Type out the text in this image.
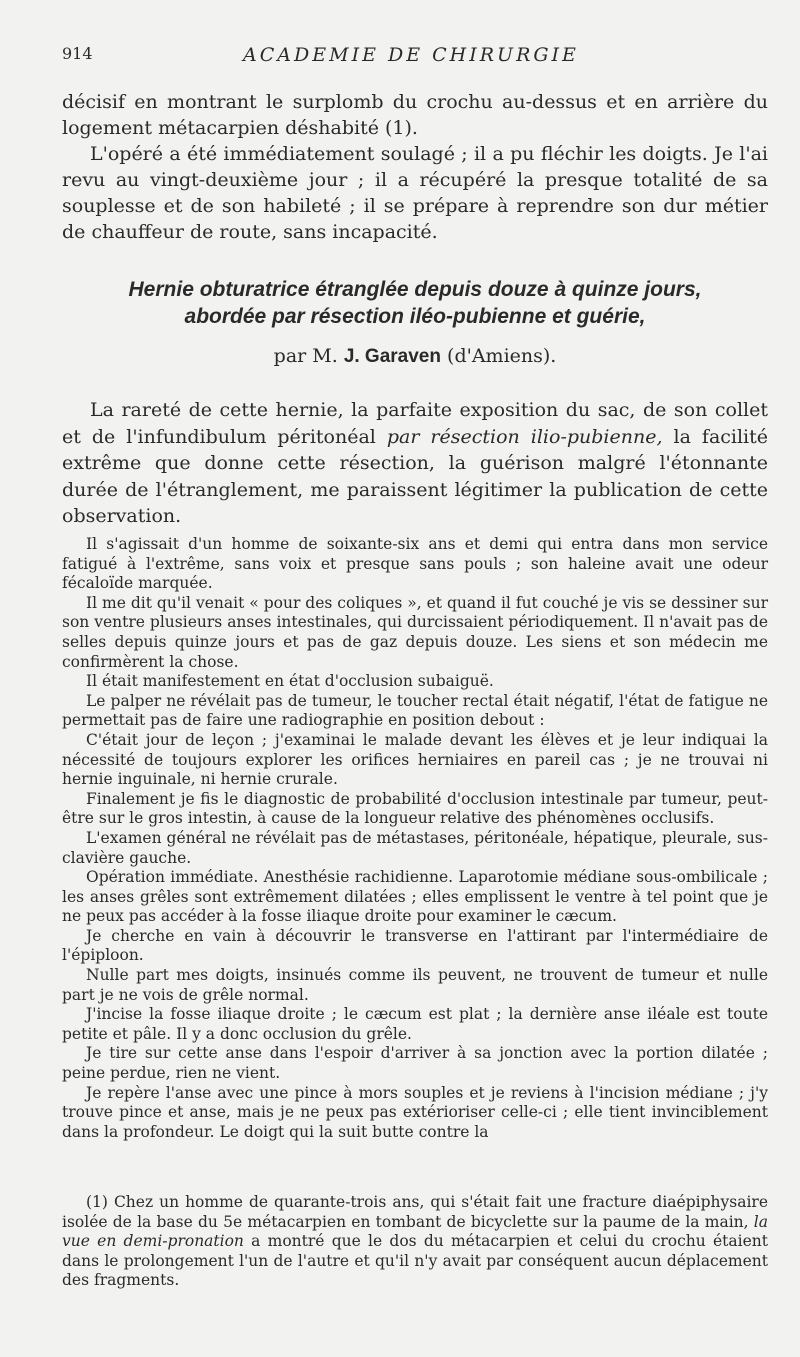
914	ACADEMIE DE CHIRURGIE

décisif en montrant le surplomb du crochu au-dessus et en arrière du logement métacarpien déshabité (1).

L'opéré a été immédiatement soulagé ; il a pu fléchir les doigts. Je l'ai revu au vingt-deuxième jour ; il a récupéré la presque totalité de sa souplesse et de son habileté ; il se prépare à reprendre son dur métier de chauffeur de route, sans incapacité.

Hernie obturatrice étranglée depuis douze à quinze jours,
abordée par résection iléo-pubienne et guérie,
par M. J. Garaven (d'Amiens).

La rareté de cette hernie, la parfaite exposition du sac, de son collet et de l'infundibulum péritonéal par résection ilio-pubienne, la facilité extrême que donne cette résection, la guérison malgré l'étonnante durée de l'étranglement, me paraissent légitimer la publication de cette observation.

Il s'agissait d'un homme de soixante-six ans et demi qui entra dans mon service fatigué à l'extrême, sans voix et presque sans pouls ; son haleine avait une odeur fécaloïde marquée.

Il me dit qu'il venait « pour des coliques », et quand il fut couché je vis se dessiner sur son ventre plusieurs anses intestinales, qui durcissaient périodiquement. Il n'avait pas de selles depuis quinze jours et pas de gaz depuis douze. Les siens et son médecin me confirmèrent la chose.

Il était manifestement en état d'occlusion subaiguë.

Le palper ne révélait pas de tumeur, le toucher rectal était négatif, l'état de fatigue ne permettait pas de faire une radiographie en position debout :

C'était jour de leçon ; j'examinai le malade devant les élèves et je leur indiquai la nécessité de toujours explorer les orifices herniaires en pareil cas ; je ne trouvai ni hernie inguinale, ni hernie crurale.

Finalement je fis le diagnostic de probabilité d'occlusion intestinale par tumeur, peut-être sur le gros intestin, à cause de la longueur relative des phénomènes occlusifs.

L'examen général ne révélait pas de métastases, péritonéale, hépatique, pleurale, sus-clavière gauche.

Opération immédiate. Anesthésie rachidienne. Laparotomie médiane sous-ombilicale ; les anses grêles sont extrêmement dilatées ; elles emplissent le ventre à tel point que je ne peux pas accéder à la fosse iliaque droite pour examiner le cæcum.

Je cherche en vain à découvrir le transverse en l'attirant par l'intermédiaire de l'épiploon.

Nulle part mes doigts, insinués comme ils peuvent, ne trouvent de tumeur et nulle part je ne vois de grêle normal.

J'incise la fosse iliaque droite ; le cæcum est plat ; la dernière anse iléale est toute petite et pâle. Il y a donc occlusion du grêle.

Je tire sur cette anse dans l'espoir d'arriver à sa jonction avec la portion dilatée ; peine perdue, rien ne vient.

Je repère l'anse avec une pince à mors souples et je reviens à l'incision médiane ; j'y trouve pince et anse, mais je ne peux pas extérioriser celle-ci ; elle tient invinciblement dans la profondeur. Le doigt qui la suit butte contre la

(1) Chez un homme de quarante-trois ans, qui s'était fait une fracture diaépiphysaire isolée de la base du 5e métacarpien en tombant de bicyclette sur la paume de la main, la vue en demi-pronation a montré que le dos du métacarpien et celui du crochu étaient dans le prolongement l'un de l'autre et qu'il n'y avait par conséquent aucun déplacement des fragments.
